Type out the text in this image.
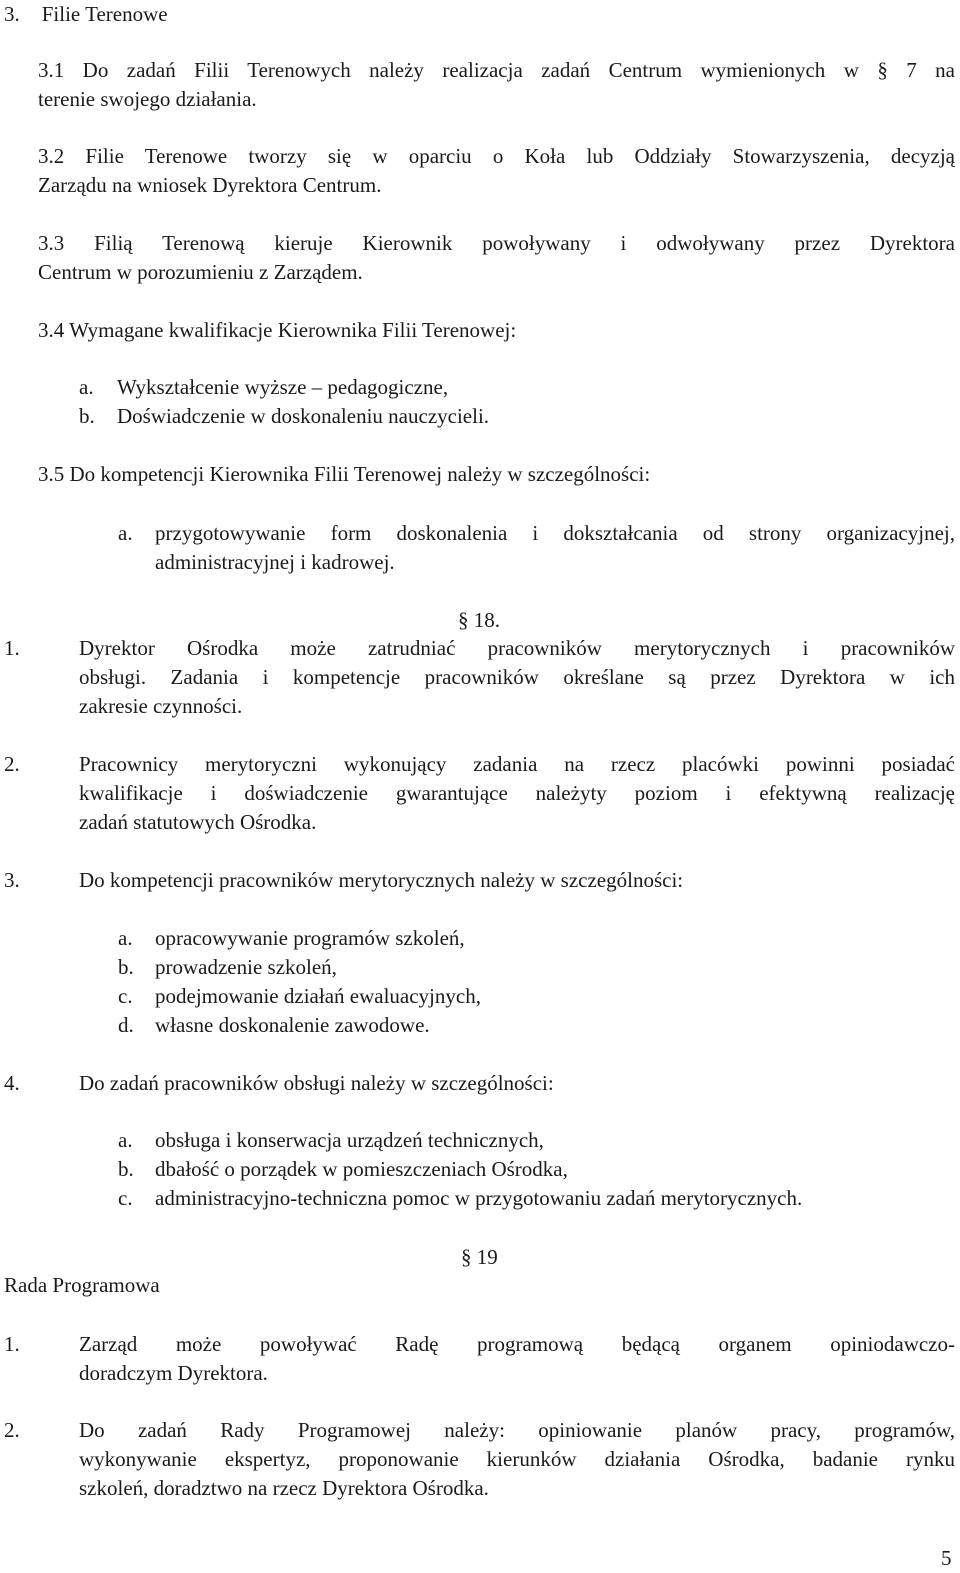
3. Filie Terenowe
3.1 Do zadań Filii Terenowych należy realizacja zadań Centrum wymienionych w § 7 na
terenie swojego działania.
3.2 Filie Terenowe tworzy się w oparciu o Koła lub Oddziały Stowarzyszenia, decyzją
Zarządu na wniosek Dyrektora Centrum.
3.3 Filią Terenową kieruje Kierownik powoływany i odwoływany przez Dyrektora
Centrum w porozumieniu z Zarządem.
3.4 Wymagane kwalifikacje Kierownika Filii Terenowej:
a. Wykształcenie wyższe – pedagogiczne,
b. Doświadczenie w doskonaleniu nauczycieli.
3.5 Do kompetencji Kierownika Filii Terenowej należy w szczególności:
a. przygotowywanie form doskonalenia i dokształcania od strony organizacyjnej,
administracyjnej i kadrowej.
§ 18.
1.	Dyrektor Ośrodka może zatrudniać pracowników merytorycznych i pracowników
obsługi. Zadania i kompetencje pracowników określane są przez Dyrektora w ich
zakresie czynności.
2.	Pracownicy merytoryczni wykonujący zadania na rzecz placówki powinni posiadać
kwalifikacje i doświadczenie gwarantujące należyty poziom i efektywną realizację
zadań statutowych Ośrodka.
3.	Do kompetencji pracowników merytorycznych należy w szczególności:
a. opracowywanie programów szkoleń,
b. prowadzenie szkoleń,
c. podejmowanie działań ewaluacyjnych,
d. własne doskonalenie zawodowe.
4.	Do zadań pracowników obsługi należy w szczególności:
a. obsługa i konserwacja urządzeń technicznych,
b. dbałość o porządek w pomieszczeniach Ośrodka,
c. administracyjno-techniczna pomoc w przygotowaniu zadań merytorycznych.
§ 19
Rada Programowa
1.	Zarząd może powoływać Radę programową będącą organem opiniodawczo-
doradczym Dyrektora.
2.	Do zadań Rady Programowej należy: opiniowanie planów pracy, programów,
wykonywanie ekspertyz, proponowanie kierunków działania Ośrodka, badanie rynku
szkoleń, doradztwo na rzecz Dyrektora Ośrodka.
5
